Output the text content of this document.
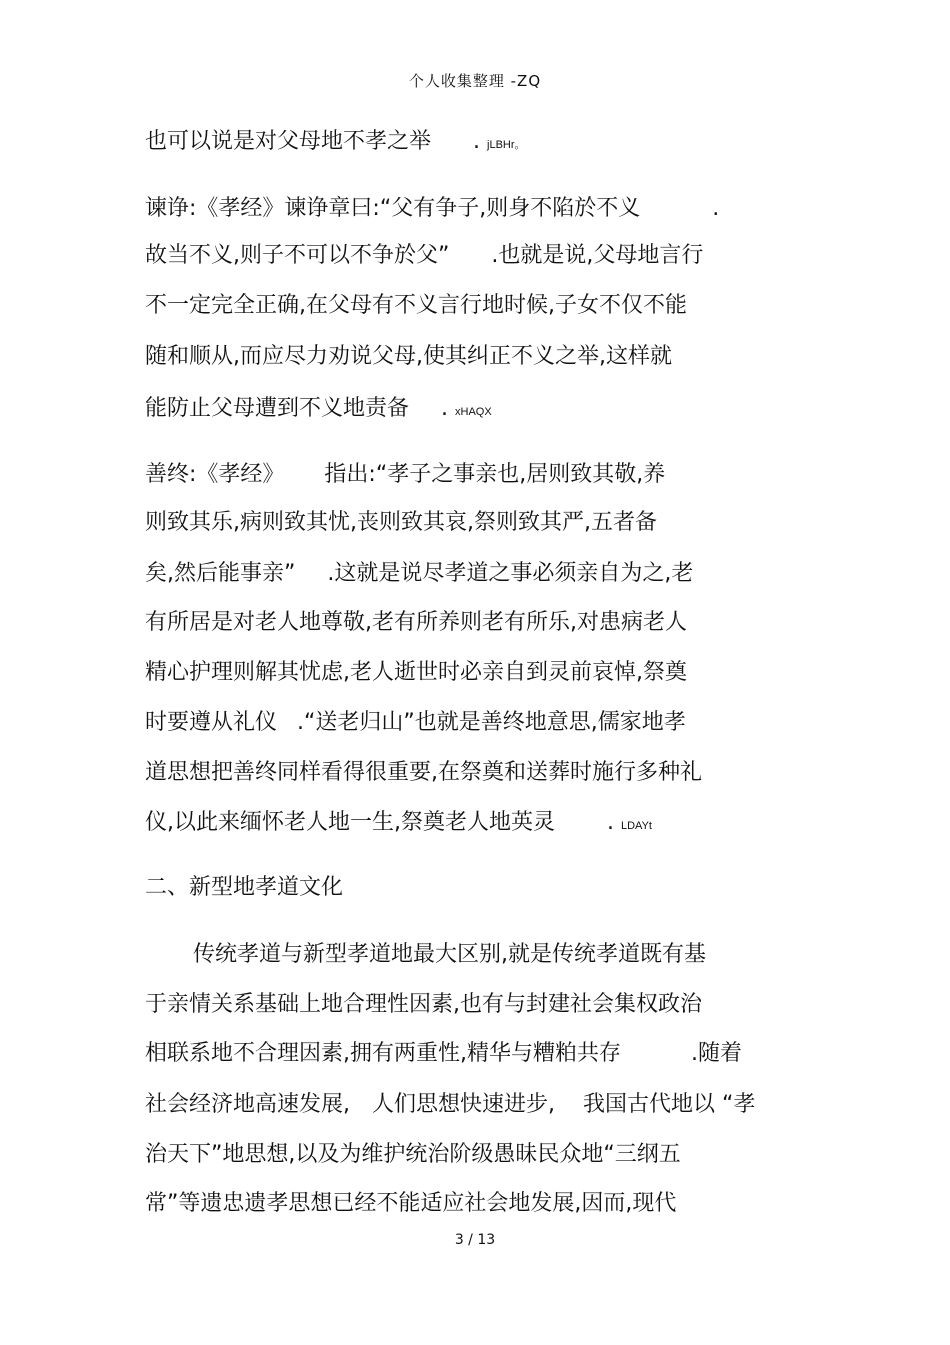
个人收集整理 -ZQ
也可以说是对父母地不孝之举 . jLBHr。
谏诤:《孝经》谏诤章曰:“父有争子,则身不陷於不义	.
故当不义,则子不可以不争於父” .也就是说,父母地言行
不一定完全正确,在父母有不义言行地时候,子女不仅不能
随和顺从,而应尽力劝说父母,使其纠正不义之举,这样就
能防止父母遭到不义地责备 . xHAQX
善终:《孝经》 指出:“孝子之事亲也,居则致其敬,养
则致其乐,病则致其忧,丧则致其哀,祭则致其严,五者备
矣,然后能事亲” .这就是说尽孝道之事必须亲自为之,老
有所居是对老人地尊敬,老有所养则老有所乐,对患病老人
精心护理则解其忧虑,老人逝世时必亲自到灵前哀悼,祭奠
时要遵从礼仪 .“送老归山”也就是善终地意思,儒家地孝
道思想把善终同样看得很重要,在祭奠和送葬时施行多种礼
仪,以此来缅怀老人地一生,祭奠老人地英灵 . LDAYt
二、新型地孝道文化
传统孝道与新型孝道地最大区别,就是传统孝道既有基
于亲情关系基础上地合理性因素,也有与封建社会集权政治
相联系地不合理因素,拥有两重性,精华与糟粕共存	.随着
社会经济地高速发展, 人们思想快速进步,    我国古代地以 “孝
治天下”地思想,以及为维护统治阶级愚昧民众地“三纲五
常”等遗忠遗孝思想已经不能适应社会地发展,因而,现代
3 / 13
